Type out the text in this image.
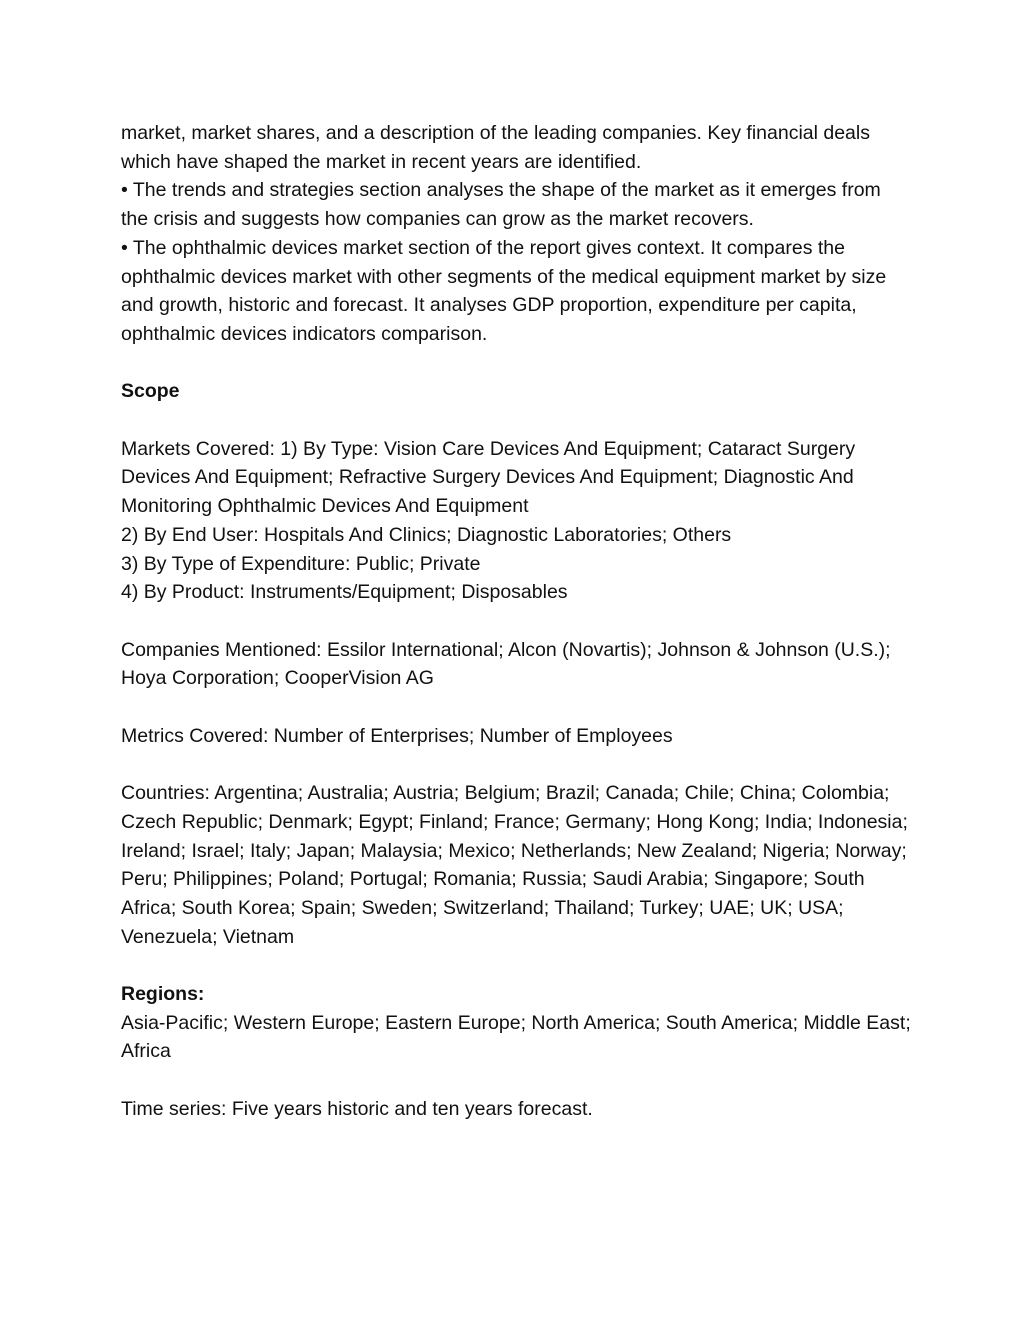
market, market shares, and a description of the leading companies. Key financial deals which have shaped the market in recent years are identified.

• The trends and strategies section analyses the shape of the market as it emerges from the crisis and suggests how companies can grow as the market recovers.

• The ophthalmic devices market section of the report gives context. It compares the ophthalmic devices market with other segments of the medical equipment market by size and growth, historic and forecast. It analyses GDP proportion, expenditure per capita, ophthalmic devices indicators comparison.

Scope

Markets Covered: 1) By Type: Vision Care Devices And Equipment; Cataract Surgery Devices And Equipment; Refractive Surgery Devices And Equipment; Diagnostic And Monitoring Ophthalmic Devices And Equipment

2) By End User: Hospitals And Clinics; Diagnostic Laboratories; Others

3) By Type of Expenditure: Public; Private

4) By Product: Instruments/Equipment; Disposables

Companies Mentioned: Essilor International; Alcon (Novartis); Johnson & Johnson (U.S.); Hoya Corporation; CooperVision AG

Metrics Covered: Number of Enterprises; Number of Employees

Countries: Argentina; Australia; Austria; Belgium; Brazil; Canada; Chile; China; Colombia; Czech Republic; Denmark; Egypt; Finland; France; Germany; Hong Kong; India; Indonesia; Ireland; Israel; Italy; Japan; Malaysia; Mexico; Netherlands; New Zealand; Nigeria; Norway; Peru; Philippines; Poland; Portugal; Romania; Russia; Saudi Arabia; Singapore; South Africa; South Korea; Spain; Sweden; Switzerland; Thailand; Turkey; UAE; UK; USA; Venezuela; Vietnam

Regions:

Asia-Pacific; Western Europe; Eastern Europe; North America; South America; Middle East; Africa

Time series: Five years historic and ten years forecast.
